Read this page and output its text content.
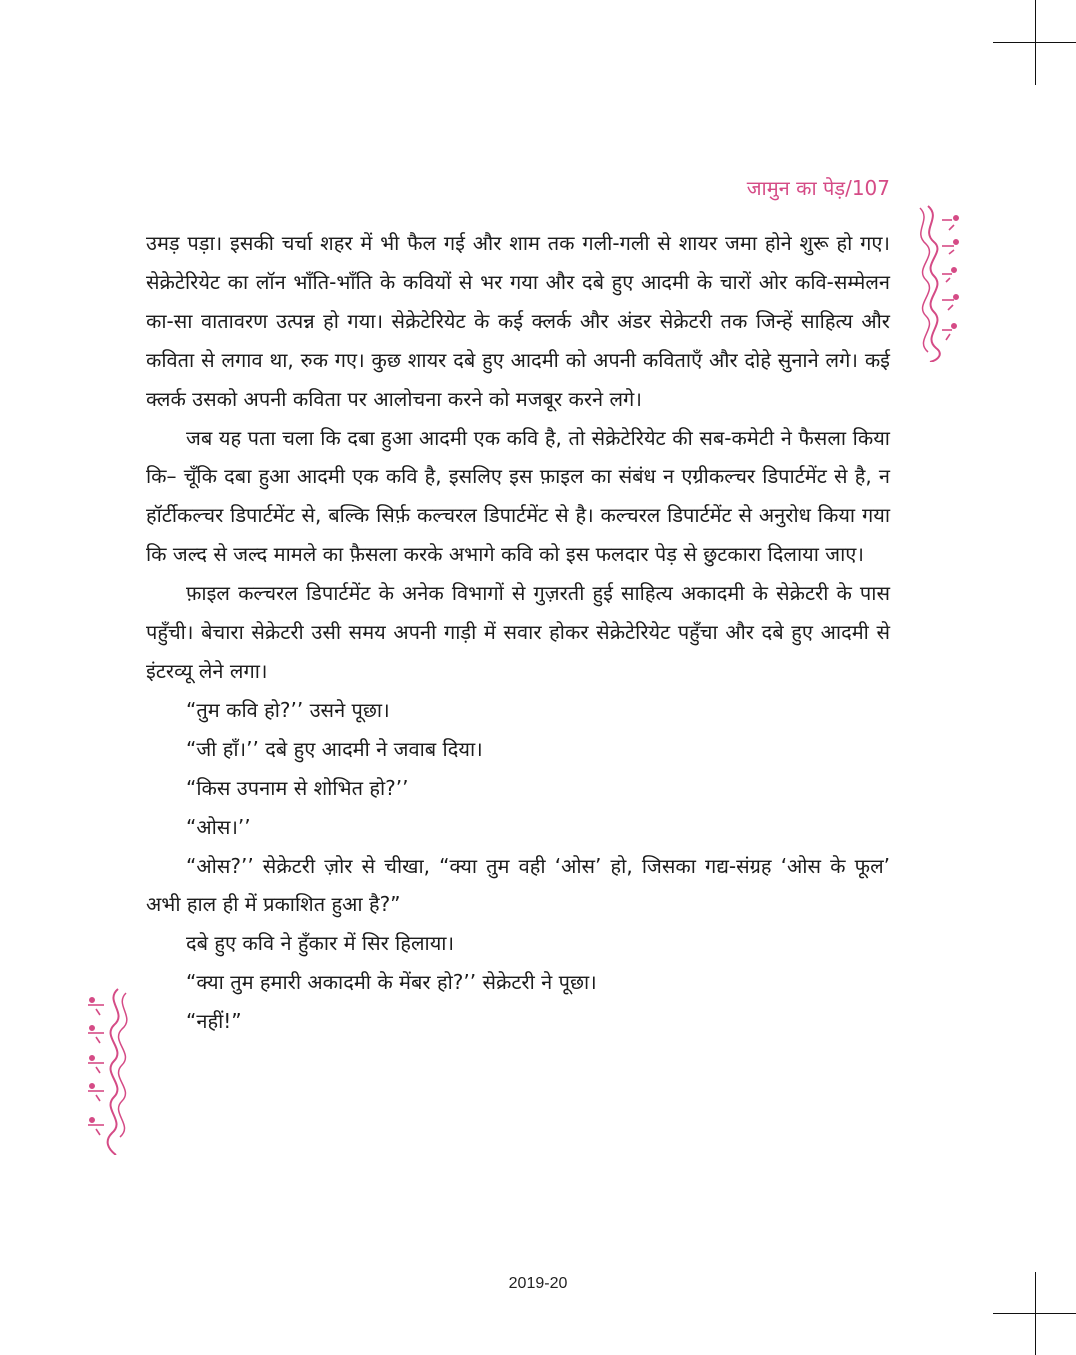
जामुन का पेड़/107

उमड़ पड़ा। इसकी चर्चा शहर में भी फैल गई और शाम तक गली-गली से शायर जमा होने शुरू हो गए। सेक्रेटेरियेट का लॉन भाँति-भाँति के कवियों से भर गया और दबे हुए आदमी के चारों ओर कवि-सम्मेलन का-सा वातावरण उत्पन्न हो गया। सेक्रेटेरियेट के कई क्लर्क और अंडर सेक्रेटरी तक जिन्हें साहित्य और कविता से लगाव था, रुक गए। कुछ शायर दबे हुए आदमी को अपनी कविताएँ और दोहे सुनाने लगे। कई क्लर्क उसको अपनी कविता पर आलोचना करने को मजबूर करने लगे।

जब यह पता चला कि दबा हुआ आदमी एक कवि है, तो सेक्रेटेरियेट की सब-कमेटी ने फैसला किया कि– चूँकि दबा हुआ आदमी एक कवि है, इसलिए इस फ़ाइल का संबंध न एग्रीकल्चर डिपार्टमेंट से है, न हॉर्टीकल्चर डिपार्टमेंट से, बल्कि सिर्फ़ कल्चरल डिपार्टमेंट से है। कल्चरल डिपार्टमेंट से अनुरोध किया गया कि जल्द से जल्द मामले का फ़ैसला करके अभागे कवि को इस फलदार पेड़ से छुटकारा दिलाया जाए।

फ़ाइल कल्चरल डिपार्टमेंट के अनेक विभागों से गुज़रती हुई साहित्य अकादमी के सेक्रेटरी के पास पहुँची। बेचारा सेक्रेटरी उसी समय अपनी गाड़ी में सवार होकर सेक्रेटेरियेट पहुँचा और दबे हुए आदमी से इंटरव्यू लेने लगा।

“तुम कवि हो?’’ उसने पूछा।

“जी हाँ।’’ दबे हुए आदमी ने जवाब दिया।

“किस उपनाम से शोभित हो?’’

“ओस।’’

“ओस?’’ सेक्रेटरी ज़ोर से चीखा, “क्या तुम वही ‘ओस’ हो, जिसका गद्य-संग्रह ‘ओस के फूल’ अभी हाल ही में प्रकाशित हुआ है?”

दबे हुए कवि ने हुँकार में सिर हिलाया।

“क्या तुम हमारी अकादमी के मेंबर हो?’’ सेक्रेटरी ने पूछा।

“नहीं!”

2019-20
